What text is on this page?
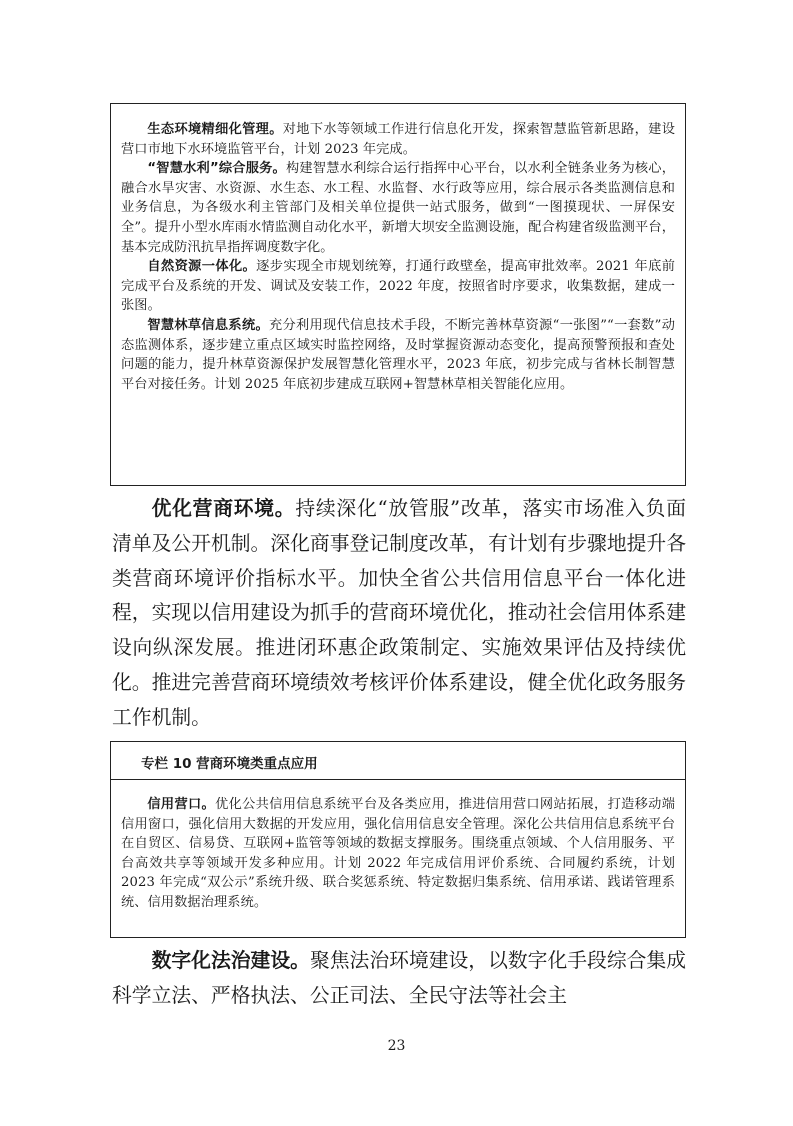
生态环境精细化管理。对地下水等领域工作进行信息化开发，探索智慧监管新思路，建设营口市地下水环境监管平台，计划 2023 年完成。

“智慧水利”综合服务。构建智慧水利综合运行指挥中心平台，以水利全链条业务为核心，融合水旱灾害、水资源、水生态、水工程、水监督、水行政等应用，综合展示各类监测信息和业务信息，为各级水利主管部门及相关单位提供一站式服务，做到“一图摸现状、一屏保安全”。提升小型水库雨水情监测自动化水平，新增大坝安全监测设施，配合构建省级监测平台，基本完成防汛抗旱指挥调度数字化。

自然资源一体化。逐步实现全市规划统筹，打通行政壁垒，提高审批效率。2021 年底前完成平台及系统的开发、调试及安装工作，2022 年度，按照省时序要求，收集数据，建成一张图。

智慧林草信息系统。充分利用现代信息技术手段，不断完善林草资源“一张图”“一套数”动态监测体系，逐步建立重点区域实时监控网络，及时掌握资源动态变化，提高预警预报和查处问题的能力，提升林草资源保护发展智慧化管理水平，2023 年底，初步完成与省林长制智慧平台对接任务。计划 2025 年底初步建成互联网+智慧林草相关智能化应用。

优化营商环境。持续深化“放管服”改革，落实市场准入负面清单及公开机制。深化商事登记制度改革，有计划有步骤地提升各类营商环境评价指标水平。加快全省公共信用信息平台一体化进程，实现以信用建设为抓手的营商环境优化，推动社会信用体系建设向纵深发展。推进闭环惠企政策制定、实施效果评估及持续优化。推进完善营商环境绩效考核评价体系建设，健全优化政务服务工作机制。

专栏 10 营商环境类重点应用

信用营口。优化公共信用信息系统平台及各类应用，推进信用营口网站拓展，打造移动端信用窗口，强化信用大数据的开发应用，强化信用信息安全管理。深化公共信用信息系统平台在自贸区、信易贷、互联网+监管等领域的数据支撑服务。围绕重点领域、个人信用服务、平台高效共享等领域开发多种应用。计划 2022 年完成信用评价系统、合同履约系统，计划 2023 年完成“双公示”系统升级、联合奖惩系统、特定数据归集系统、信用承诺、践诺管理系统、信用数据治理系统。

数字化法治建设。聚焦法治环境建设，以数字化手段综合集成科学立法、严格执法、公正司法、全民守法等社会主

23
